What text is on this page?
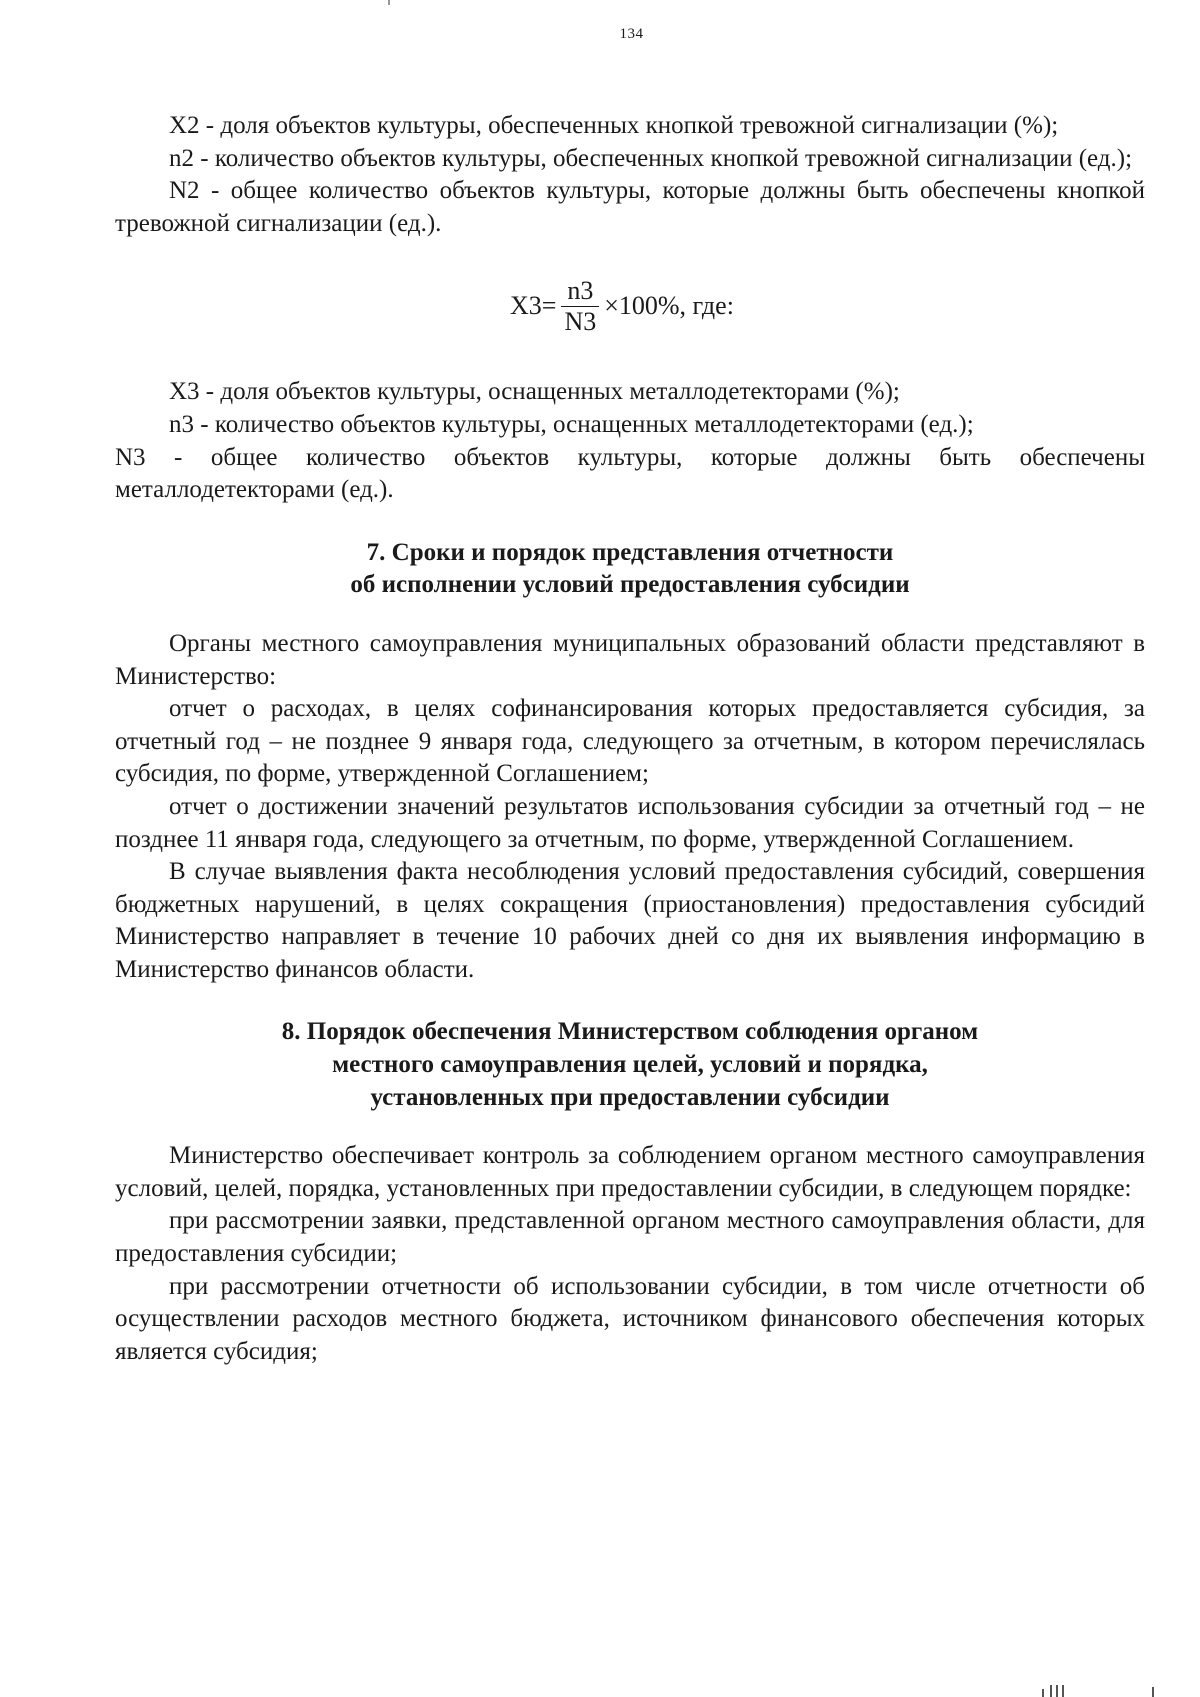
134

X2 - доля объектов культуры, обеспеченных кнопкой тревожной сигнализации (%);

n2 - количество объектов культуры, обеспеченных кнопкой тревожной сигнализации (ед.);

N2 - общее количество объектов культуры, которые должны быть обеспечены кнопкой тревожной сигнализации (ед.).

$X3= \frac{n3}{N3} \times 100\%$, где:

X3 - доля объектов культуры, оснащенных металлодетекторами (%);

n3 - количество объектов культуры, оснащенных металлодетекторами (ед.);

N3 - общее количество объектов культуры, которые должны быть обеспечены металлодетекторами (ед.).

7. Сроки и порядок представления отчетности
об исполнении условий предоставления субсидии

Органы местного самоуправления муниципальных образований области представляют в Министерство:

отчет о расходах, в целях софинансирования которых предоставляется субсидия, за отчетный год – не позднее 9 января года, следующего за отчетным, в котором перечислялась субсидия, по форме, утвержденной Соглашением;

отчет о достижении значений результатов использования субсидии за отчетный год – не позднее 11 января года, следующего за отчетным, по форме, утвержденной Соглашением.

В случае выявления факта несоблюдения условий предоставления субсидий, совершения бюджетных нарушений, в целях сокращения (приостановления) предоставления субсидий Министерство направляет в течение 10 рабочих дней со дня их выявления информацию в Министерство финансов области.

8. Порядок обеспечения Министерством соблюдения органом
местного самоуправления целей, условий и порядка,
установленных при предоставлении субсидии

Министерство обеспечивает контроль за соблюдением органом местного самоуправления условий, целей, порядка, установленных при предоставлении субсидии, в следующем порядке:

при рассмотрении заявки, представленной органом местного самоуправления области, для предоставления субсидии;

при рассмотрении отчетности об использовании субсидии, в том числе отчетности об осуществлении расходов местного бюджета, источником финансового обеспечения которых является субсидия;
